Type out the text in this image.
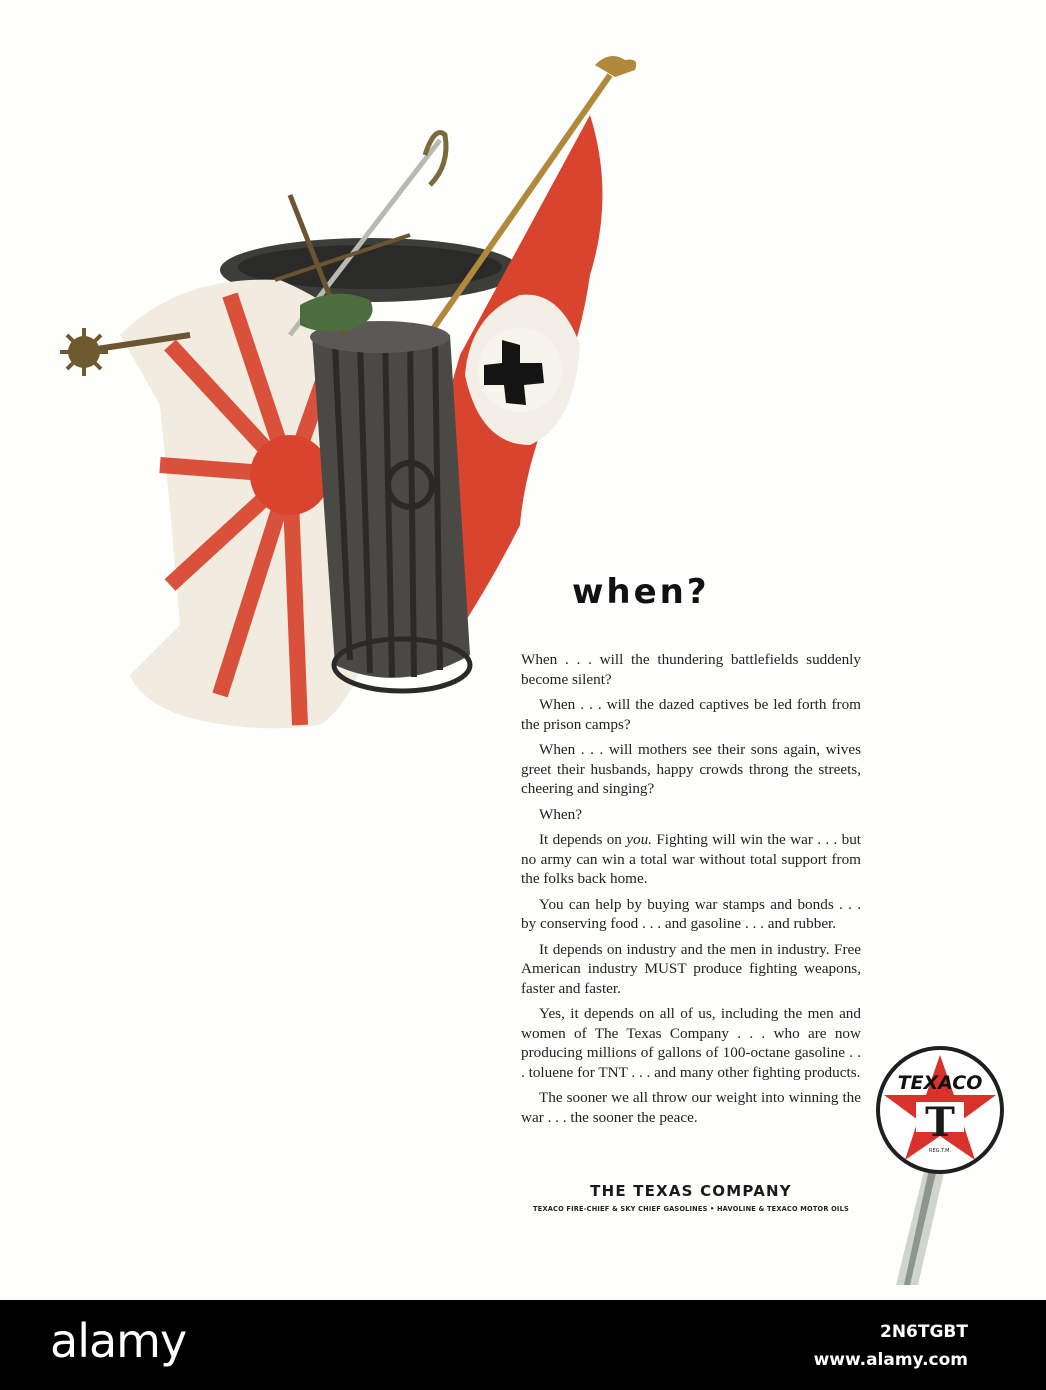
when?

When . . . will the thundering battlefields suddenly become silent?

When . . . will the dazed captives be led forth from the prison camps?

When . . . will mothers see their sons again, wives greet their husbands, happy crowds throng the streets, cheering and singing?

When?

It depends on you. Fighting will win the war . . . but no army can win a total war without total support from the folks back home.

You can help by buying war stamps and bonds . . . by conserving food . . . and gasoline . . . and rubber.

It depends on industry and the men in industry. Free American industry MUST produce fighting weapons, faster and faster.

Yes, it depends on all of us, including the men and women of The Texas Company . . . who are now producing millions of gallons of 100-octane gasoline . . . toluene for TNT . . . and many other fighting products.

The sooner we all throw our weight into winning the war . . . the sooner the peace.

THE TEXAS COMPANY
TEXACO FIRE-CHIEF & SKY CHIEF GASOLINES • HAVOLINE & TEXACO MOTOR OILS
TEXACO
T
REG.T.M.
alamy	2N6TGBT
www.alamy.com
